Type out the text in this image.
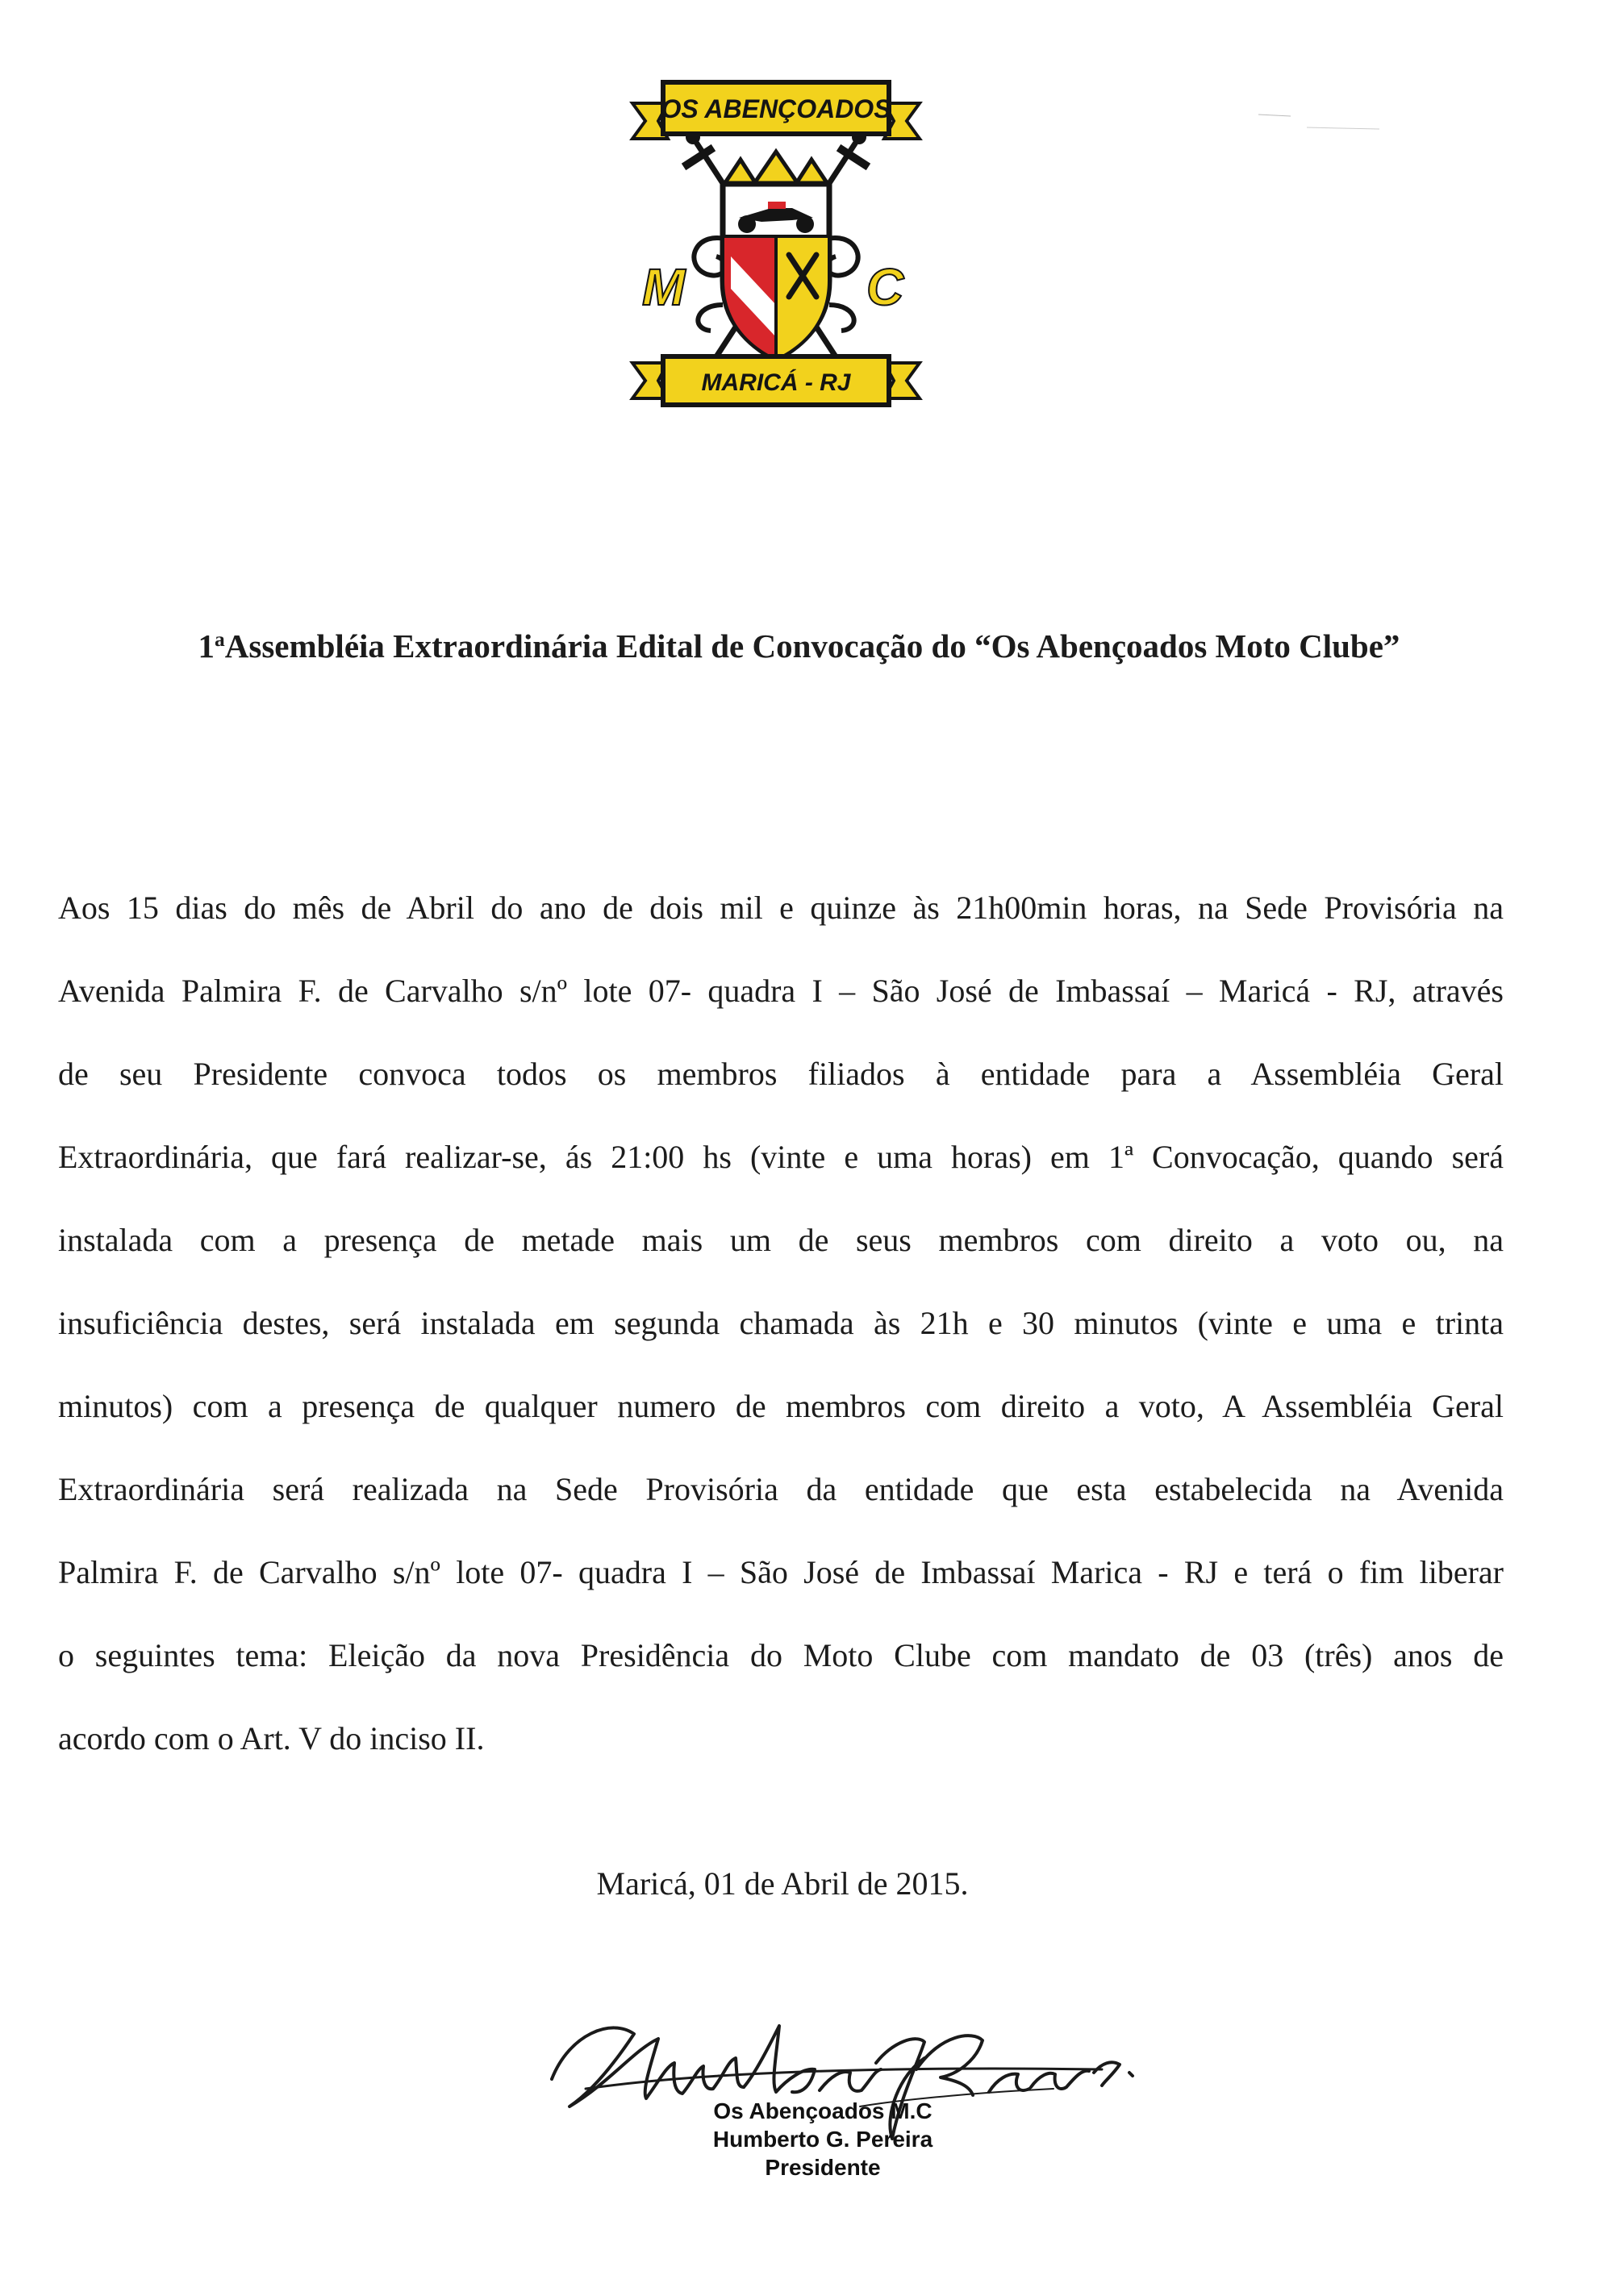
OS ABENÇOADOS
MARICÁ - RJ
M	C
1$^a$Assembléia Extraordinária Edital de Convocação do “Os Abençoados Moto Clube”
Aos 15 dias do mês de Abril do ano de dois mil e quinze às 21h00min horas, na Sede Provisória na
Avenida Palmira F. de Carvalho s/nº lote 07- quadra I – São José de Imbassaí – Maricá - RJ, através
de seu Presidente convoca todos os membros filiados à entidade para a Assembléia Geral
Extraordinária, que fará realizar-se, ás 21:00 hs (vinte e uma horas) em 1ª Convocação, quando será
instalada com a presença de metade mais um de seus membros com direito a voto ou, na
insuficiência destes, será instalada em segunda chamada às 21h e 30 minutos (vinte e uma e trinta
minutos) com a presença de qualquer numero de membros com direito a voto, A Assembléia Geral
Extraordinária será realizada na Sede Provisória da entidade que esta estabelecida na Avenida
Palmira F. de Carvalho s/nº lote 07- quadra I – São José de Imbassaí Marica - RJ e terá o fim liberar
o seguintes tema: Eleição da nova Presidência do Moto Clube com mandato de 03 (três) anos de
acordo com o Art. V do inciso II.
Maricá, 01 de Abril de 2015.
Os Abençoados M.C
Humberto G. Pereira
Presidente
